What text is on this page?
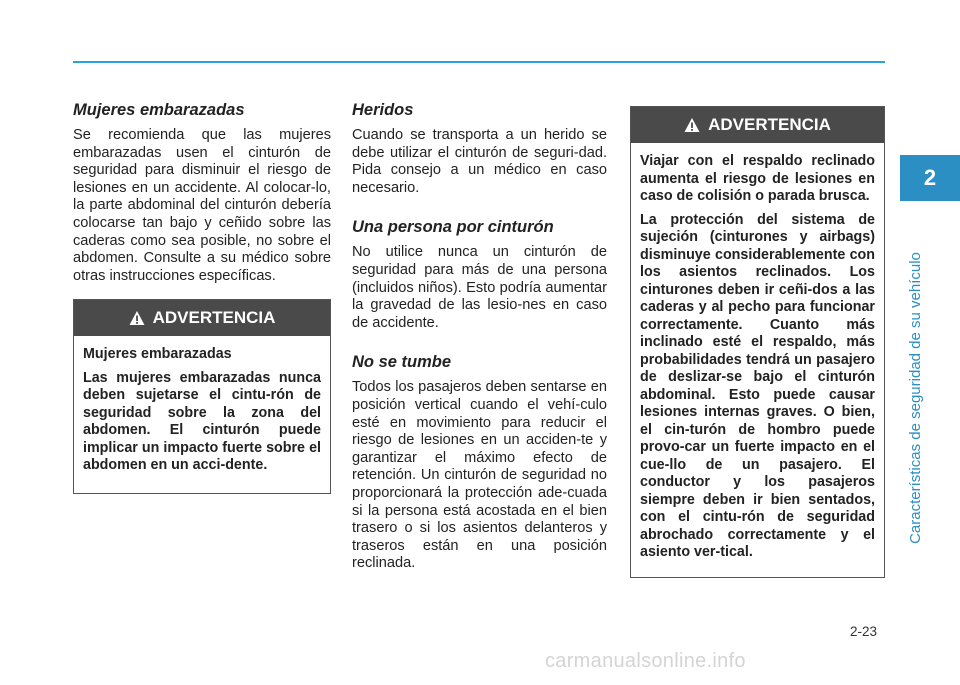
2
Características de seguridad de su vehículo
Mujeres embarazadas

Se recomienda que las mujeres embarazadas usen el cinturón de seguridad para disminuir el riesgo de lesiones en un accidente. Al colocar-lo, la parte abdominal del cinturón debería colocarse tan bajo y ceñido sobre las caderas como sea posible, no sobre el abdomen. Consulte a su médico sobre otras instrucciones específicas.

ADVERTENCIA

Mujeres embarazadas

Las mujeres embarazadas nunca deben sujetarse el cintu-rón de seguridad sobre la zona del abdomen. El cinturón puede implicar un impacto fuerte sobre el abdomen en un acci-dente.

Heridos

Cuando se transporta a un herido se debe utilizar el cinturón de seguri-dad. Pida consejo a un médico en caso necesario.

Una persona por cinturón

No utilice nunca un cinturón de seguridad para más de una persona (incluidos niños). Esto podría aumentar la gravedad de las lesio-nes en caso de accidente.

No se tumbe

Todos los pasajeros deben sentarse en posición vertical cuando el vehí-culo esté en movimiento para reducir el riesgo de lesiones en un acciden-te y garantizar el máximo efecto de retención. Un cinturón de seguridad no proporcionará la protección ade-cuada si la persona está acostada en el bien trasero o si los asientos delanteros y traseros están en una posición reclinada.

ADVERTENCIA

Viajar con el respaldo reclinado aumenta el riesgo de lesiones en caso de colisión o parada brusca.

La protección del sistema de sujeción (cinturones y airbags) disminuye considerablemente con los asientos reclinados. Los cinturones deben ir ceñi-dos a las caderas y al pecho para funcionar correctamente. Cuanto más inclinado esté el respaldo, más probabilidades tendrá un pasajero de deslizar-se bajo el cinturón abdominal. Esto puede causar lesiones internas graves. O bien, el cin-turón de hombro puede provo-car un fuerte impacto en el cue-llo de un pasajero. El conductor y los pasajeros siempre deben ir bien sentados, con el cintu-rón de seguridad abrochado correctamente y el asiento ver-tical.

2-23
carmanualsonline.info
